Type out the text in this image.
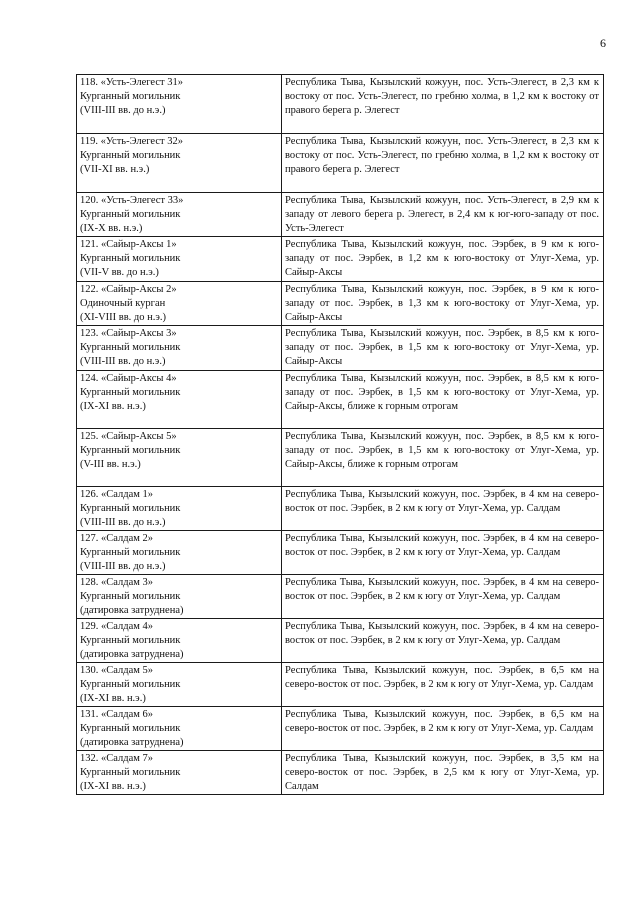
6
118. «Усть-Элегест 31»
Курганный могильник
(VIII-III вв. до н.э.)	Республика Тыва, Кызылский кожуун, пос. Усть-Элегест, в 2,3 км к востоку от пос. Усть-Элегест, по гребню холма, в 1,2 км к востоку от правого берега р. Элегест

119. «Усть-Элегест 32»
Курганный могильник
(VII-XI вв. н.э.)	Республика Тыва, Кызылский кожуун, пос. Усть-Элегест, в 2,3 км к востоку от пос. Усть-Элегест, по гребню холма, в 1,2 км к востоку от правого берега р. Элегест

120. «Усть-Элегест 33»
Курганный могильник
(IX-X вв. н.э.)	Республика Тыва, Кызылский кожуун, пос. Усть-Элегест, в 2,9 км к западу от левого берега р. Элегест, в 2,4 км к юг-юго-западу от пос. Усть-Элегест

121. «Сайыр-Аксы 1»
Курганный могильник
(VII-V вв. до н.э.)	Республика Тыва, Кызылский кожуун, пос. Ээрбек, в 9 км к юго-западу от пос. Ээрбек, в 1,2 км к юго-востоку от Улуг-Хема, ур. Сайыр-Аксы

122. «Сайыр-Аксы 2»
Одиночный курган
(XI-VIII вв. до н.э.)	Республика Тыва, Кызылский кожуун, пос. Ээрбек, в 9 км к юго-западу от пос. Ээрбек, в 1,3 км к юго-востоку от Улуг-Хема, ур. Сайыр-Аксы

123. «Сайыр-Аксы 3»
Курганный могильник
(VIII-III вв. до н.э.)	Республика Тыва, Кызылский кожуун, пос. Ээрбек, в 8,5 км к юго-западу от пос. Ээрбек, в 1,5 км к юго-востоку от Улуг-Хема, ур. Сайыр-Аксы

124. «Сайыр-Аксы 4»
Курганный могильник
(IX-XI вв. н.э.)	Республика Тыва, Кызылский кожуун, пос. Ээрбек, в 8,5 км к юго-западу от пос. Ээрбек, в 1,5 км к юго-востоку от Улуг-Хема, ур. Сайыр-Аксы, ближе к горным отрогам

125. «Сайыр-Аксы 5»
Курганный могильник
(V-III вв. н.э.)	Республика Тыва, Кызылский кожуун, пос. Ээрбек, в 8,5 км к юго-западу от пос. Ээрбек, в 1,5 км к юго-востоку от Улуг-Хема, ур. Сайыр-Аксы, ближе к горным отрогам

126. «Салдам 1»
Курганный могильник
(VIII-III вв. до н.э.)	Республика Тыва, Кызылский кожуун, пос. Ээрбек, в 4 км на северо-восток от пос. Ээрбек, в 2 км к югу от Улуг-Хема, ур. Салдам

127. «Салдам 2»
Курганный могильник
(VIII-III вв. до н.э.)	Республика Тыва, Кызылский кожуун, пос. Ээрбек, в 4 км на северо-восток от пос. Ээрбек, в 2 км к югу от Улуг-Хема, ур. Салдам

128. «Салдам 3»
Курганный могильник
(датировка затруднена)	Республика Тыва, Кызылский кожуун, пос. Ээрбек, в 4 км на северо-восток от пос. Ээрбек, в 2 км к югу от Улуг-Хема, ур. Салдам

129. «Салдам 4»
Курганный могильник
(датировка затруднена)	Республика Тыва, Кызылский кожуун, пос. Ээрбек, в 4 км на северо-восток от пос. Ээрбек, в 2 км к югу от Улуг-Хема, ур. Салдам

130. «Салдам 5»
Курганный могильник
(IX-XI вв. н.э.)	Республика Тыва, Кызылский кожуун, пос. Ээрбек, в 6,5 км на северо-восток от пос. Ээрбек, в 2 км к югу от Улуг-Хема, ур. Салдам

131. «Салдам 6»
Курганный могильник
(датировка затруднена)	Республика Тыва, Кызылский кожуун, пос. Ээрбек, в 6,5 км на северо-восток от пос. Ээрбек, в 2 км к югу от Улуг-Хема, ур. Салдам

132. «Салдам 7»
Курганный могильник
(IX-XI вв. н.э.)	Республика Тыва, Кызылский кожуун, пос. Ээрбек, в 3,5 км на северо-восток от пос. Ээрбек, в 2,5 км к югу от Улуг-Хема, ур. Салдам
